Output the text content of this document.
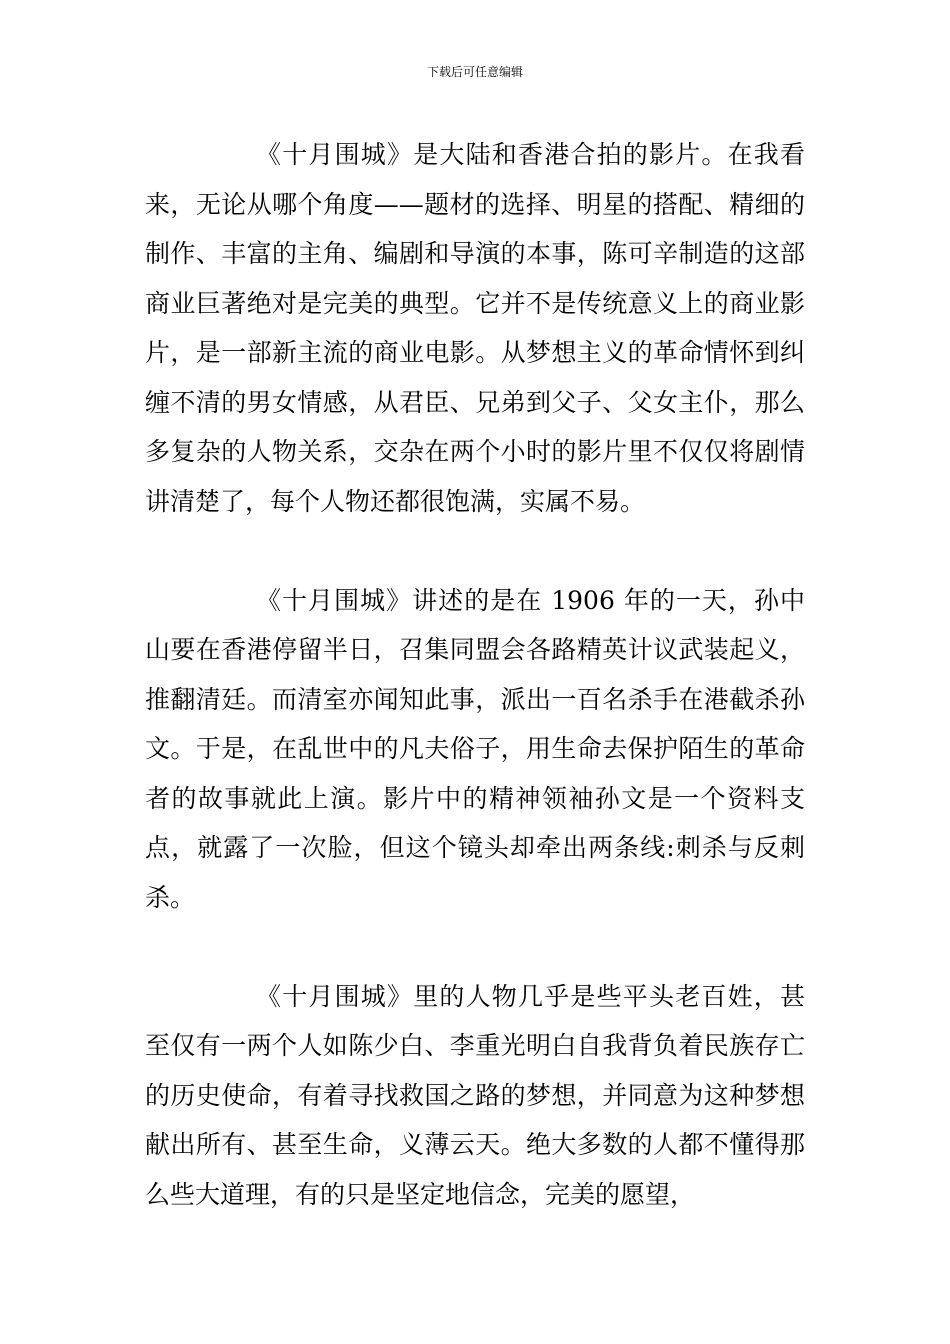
下载后可任意编辑

《十月围城》是大陆和香港合拍的影片。在我看来，无论从哪个角度——题材的选择、明星的搭配、精细的制作、丰富的主角、编剧和导演的本事，陈可辛制造的这部商业巨著绝对是完美的典型。它并不是传统意义上的商业影片，是一部新主流的商业电影。从梦想主义的革命情怀到纠缠不清的男女情感，从君臣、兄弟到父子、父女主仆，那么多复杂的人物关系，交杂在两个小时的影片里不仅仅将剧情讲清楚了，每个人物还都很饱满，实属不易。

《十月围城》讲述的是在 1906 年的一天，孙中山要在香港停留半日，召集同盟会各路精英计议武装起义，推翻清廷。而清室亦闻知此事，派出一百名杀手在港截杀孙文。于是，在乱世中的凡夫俗子，用生命去保护陌生的革命者的故事就此上演。影片中的精神领袖孙文是一个资料支点，就露了一次脸，但这个镜头却牵出两条线:刺杀与反刺杀。

《十月围城》里的人物几乎是些平头老百姓，甚至仅有一两个人如陈少白、李重光明白自我背负着民族存亡的历史使命，有着寻找救国之路的梦想，并同意为这种梦想献出所有、甚至生命，义薄云天。绝大多数的人都不懂得那么些大道理，有的只是坚定地信念，完美的愿望，
